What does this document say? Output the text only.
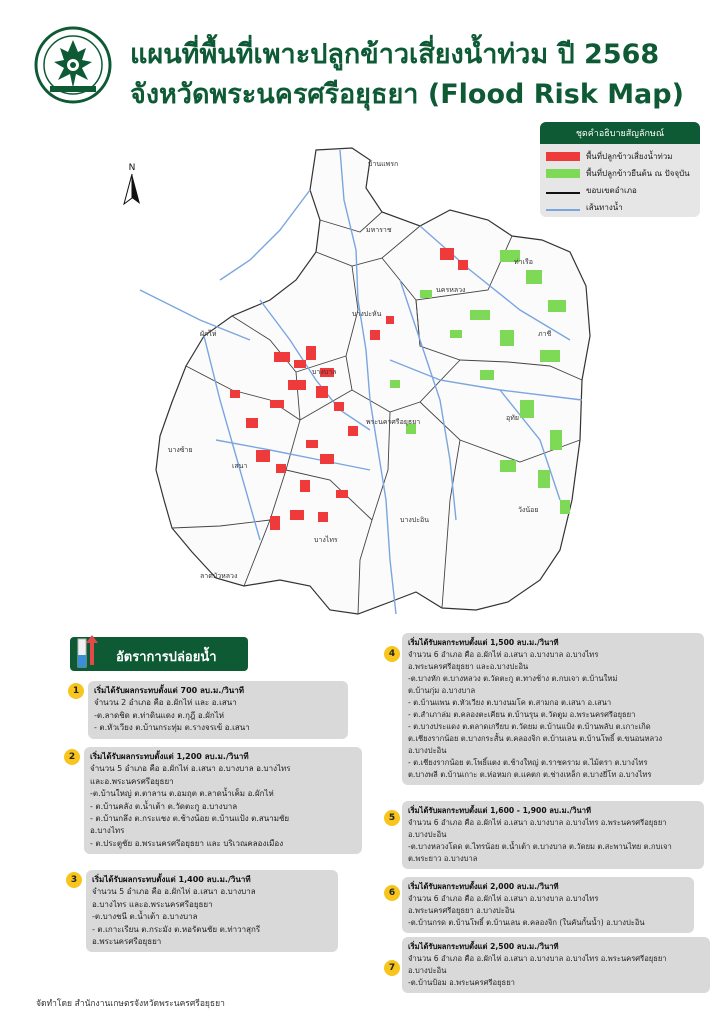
แผนที่พื้นที่เพาะปลูกข้าวเสี่ยงน้ำท่วม ปี 2568
จังหวัดพระนครศรีอยุธยา (Flood Risk Map)
ชุดคำอธิบายสัญลักษณ์
พื้นที่ปลูกข้าวเสี่ยงน้ำท่วม
พื้นที่ปลูกข้าวยืนต้น ณ ปัจจุบัน
ขอบเขตอำเภอ
เส้นทางน้ำ
N	บ้านแพรก
มหาราช
ท่าเรือ
นครหลวง
บางปะหัน
ภาชี
ผักไห่
เสนา
บางบาล
พระนครศรีอยุธยา	อุทัย
บางซ้าย
บางปะอิน
วังน้อย
บางไทร
ลาดบัวหลวง
อัตราการปล่อยน้ำ
1	เริ่มได้รับผลกระทบตั้งแต่ 700 ลบ.ม./วินาที
จำนวน 2 อำเภอ คือ อ.ผักไห่ และ อ.เสนา
-ต.ลาดชิด ต.ท่าดินแดง ต.กุฎี อ.ผักไห่
- ต.หัวเวียง ต.บ้านกระทุ่ม ต.รางจรเข้ อ.เสนา
2	เริ่มได้รับผลกระทบตั้งแต่ 1,200 ลบ.ม./วินาที
จำนวน 5 อำเภอ คือ อ.ผักไห่ อ.เสนา อ.บางบาล อ.บางไทร
และอ.พระนครศรีอยุธยา
-ต.บ้านใหญ่ ต.ตาลาน ต.อมฤต ต.ลาดน้ำเค็ม อ.ผักไห่
- ต.บ้านคลัง ต.น้ำเต้า ต.วัดตะกู อ.บางบาล
- ต.บ้านกลึง ต.กระแชง ต.ช้างน้อย ต.บ้านแป้ง ต.สนามชัย
อ.บางไทร
- ต.ประตูชัย อ.พระนครศรีอยุธยา และ บริเวณคลองเมือง
3	เริ่มได้รับผลกระทบตั้งแต่ 1,400 ลบ.ม./วินาที
จำนวน 5 อำเภอ คือ อ.ผักไห่ อ.เสนา อ.บางบาล
อ.บางไทร และอ.พระนครศรีอยุธยา
-ต.บางชนี ต.น้ำเต้า อ.บางบาล
- ต.เกาะเรียน ต.กระมัง ต.หอรัตนชัย ต.ท่าวาสุกรี
อ.พระนครศรีอยุธยา
4
เริ่มได้รับผลกระทบตั้งแต่ 1,500 ลบ.ม./วินาที
จำนวน 6 อำเภอ คือ อ.ผักไห่ อ.เสนา อ.บางบาล อ.บางไทร
อ.พระนครศรีอยุธยา และอ.บางปะอิน
-ต.บางหัก ต.บางหลวง ต.วัดตะกู ต.ทางช้าง ต.กบเจา ต.บ้านใหม่
ต.บ้านกุ่ม อ.บางบาล
- ต.บ้านแพน ต.หัวเวียง ต.บางนมโค ต.สามกอ ต.เสนา อ.เสนา
- ต.สำเภาล่ม ต.คลองตะเคียน ต.บ้านรุน ต.วัดตูม อ.พระนครศรีอยุธยา
- ต.บางประแดง ต.ตลาดเกรียบ ต.วัดยม ต.บ้านแป้ง ต.บ้านพลับ ต.เกาะเกิด
ต.เชียงรากน้อย ต.บางกระสั้น ต.คลองจิก ต.บ้านเลน ต.บ้านโพธิ์ ต.ขนอนหลวง
อ.บางปะอิน
- ต.เชียงรากน้อย ต.โพธิ์แตง ต.ช้างใหญ่ ต.ราชคราม ต.ไม้ตรา ต.บางไทร
ต.บางพลี ต.บ้านเกาะ ต.ห่อหมก ต.แคตก ต.ช่างเหล็ก ต.บางยี่โท อ.บางไทร
5
เริ่มได้รับผลกระทบตั้งแต่ 1,600 - 1,900 ลบ.ม./วินาที
จำนวน 6 อำเภอ คือ อ.ผักไห่ อ.เสนา อ.บางบาล อ.บางไทร อ.พระนครศรีอยุธยา
อ.บางปะอิน
-ต.บางหลวงโดด ต.ไทรน้อย ต.น้ำเต้า ต.บางบาล ต.วัดยม ต.สะพานไทย ต.กบเจา
ต.พระยาว อ.บางบาล
6
เริ่มได้รับผลกระทบตั้งแต่ 2,000 ลบ.ม./วินาที
จำนวน 6 อำเภอ คือ อ.ผักไห่ อ.เสนา อ.บางบาล อ.บางไทร
อ.พระนครศรีอยุธยา อ.บางปะอิน
-ต.บ้านกรด ต.บ้านโพธิ์ ต.บ้านเลน ต.คลองจิก (ในคันกั้นน้ำ) อ.บางปะอิน
7
เริ่มได้รับผลกระทบตั้งแต่ 2,500 ลบ.ม./วินาที
จำนวน 6 อำเภอ คือ อ.ผักไห่ อ.เสนา อ.บางบาล อ.บางไทร อ.พระนครศรีอยุธยา
อ.บางปะอิน
-ต.บ้านป้อม อ.พระนครศรีอยุธยา
จัดทำโดย สำนักงานเกษตรจังหวัดพระนครศรีอยุธยา
